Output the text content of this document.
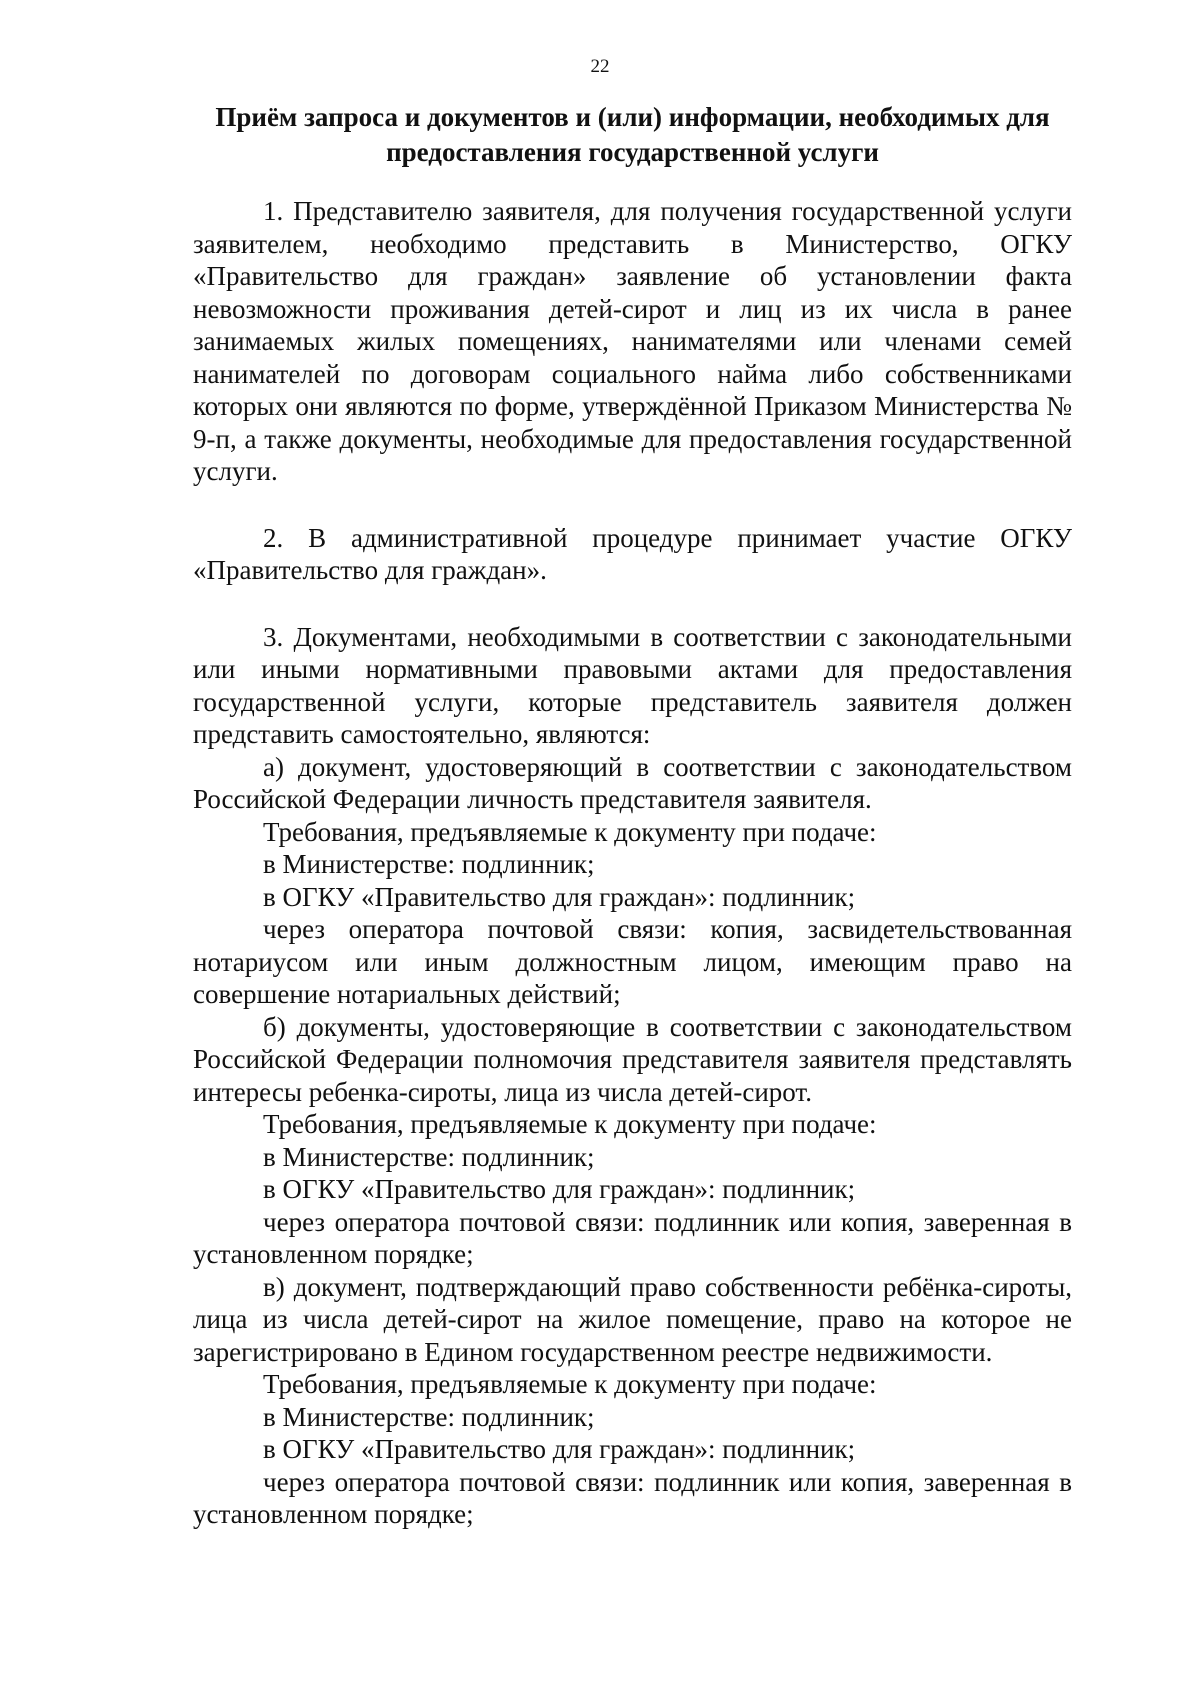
22
Приём запроса и документов и (или) информации, необходимых для
предоставления государственной услуги

1. Представителю заявителя, для получения государственной услуги заявителем, необходимо представить в Министерство, ОГКУ «Правительство для граждан» заявление об установлении факта невозможности проживания детей-сирот и лиц из их числа в ранее занимаемых жилых помещениях, нанимателями или членами семей нанимателей по договорам социального найма либо собственниками которых они являются по форме, утверждённой Приказом Министерства № 9-п, а также документы, необходимые для предоставления государственной услуги.

2. В административной процедуре принимает участие ОГКУ «Правительство для граждан».

3. Документами, необходимыми в соответствии с законодательными или иными нормативными правовыми актами для предоставления государственной услуги, которые представитель заявителя должен представить самостоятельно, являются:

а) документ, удостоверяющий в соответствии с законодательством Российской Федерации личность представителя заявителя.

Требования, предъявляемые к документу при подаче:

в Министерстве: подлинник;

в ОГКУ «Правительство для граждан»: подлинник;

через оператора почтовой связи: копия, засвидетельствованная нотариусом или иным должностным лицом, имеющим право на совершение нотариальных действий;

б) документы, удостоверяющие в соответствии с законодательством Российской Федерации полномочия представителя заявителя представлять интересы ребенка-сироты, лица из числа детей-сирот.

Требования, предъявляемые к документу при подаче:

в Министерстве: подлинник;

в ОГКУ «Правительство для граждан»: подлинник;

через оператора почтовой связи: подлинник или копия, заверенная в установленном порядке;

в) документ, подтверждающий право собственности ребёнка-сироты, лица из числа детей-сирот на жилое помещение, право на которое не зарегистрировано в Едином государственном реестре недвижимости.

Требования, предъявляемые к документу при подаче:

в Министерстве: подлинник;

в ОГКУ «Правительство для граждан»: подлинник;

через оператора почтовой связи: подлинник или копия, заверенная в установленном порядке;
